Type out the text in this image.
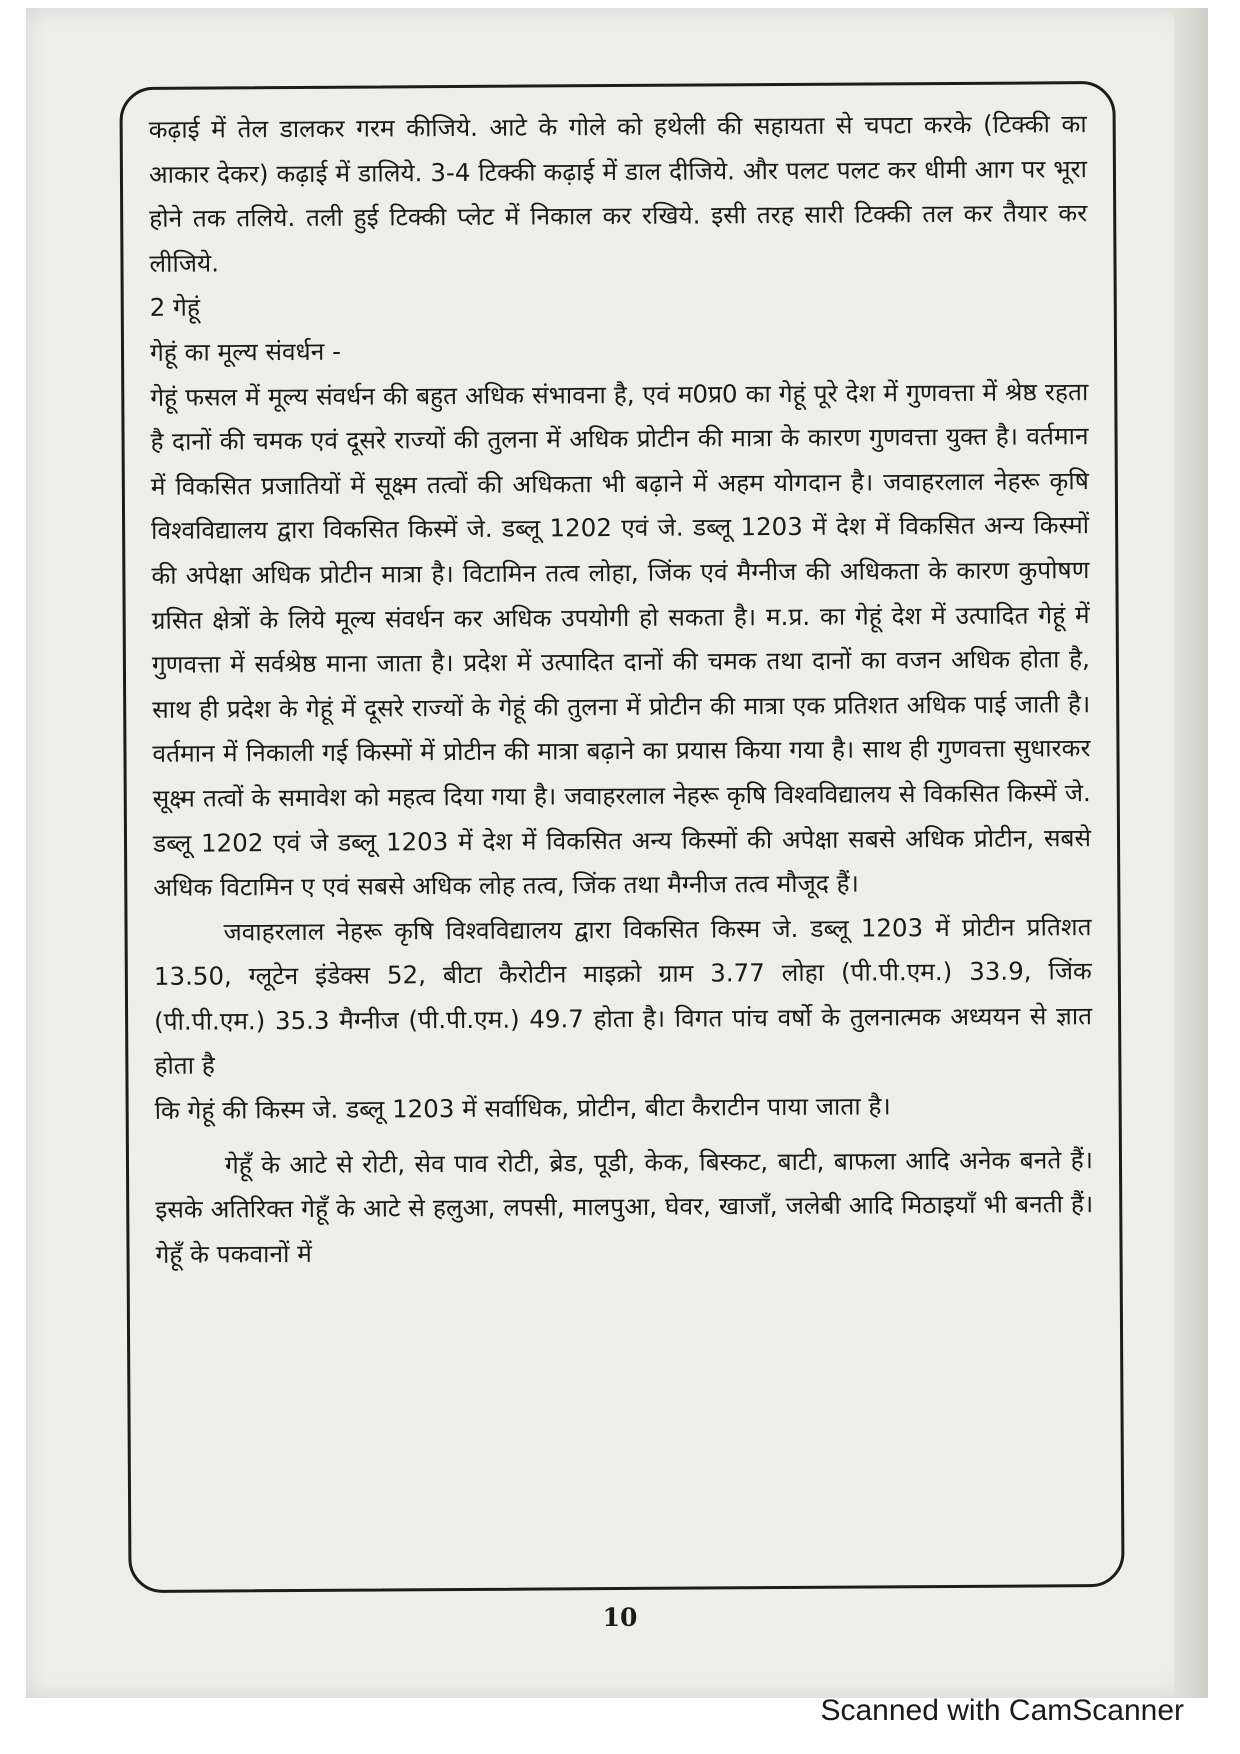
कढ़ाई में तेल डालकर गरम कीजिये. आटे के गोले को हथेली की सहायता से चपटा करके (टिक्की का आकार देकर) कढ़ाई में डालिये. 3-4 टिक्की कढ़ाई में डाल दीजिये. और पलट पलट कर धीमी आग पर भूरा होने तक तलिये. तली हुई टिक्की प्लेट में निकाल कर रखिये. इसी तरह सारी टिक्की तल कर तैयार कर लीजिये.

2 गेहूं

गेहूं का मूल्य संवर्धन -

गेहूं फसल में मूल्य संवर्धन की बहुत अधिक संभावना है, एवं म0प्र0 का गेहूं पूरे देश में गुणवत्ता में श्रेष्ठ रहता है दानों की चमक एवं दूसरे राज्यों की तुलना में अधिक प्रोटीन की मात्रा के कारण गुणवत्ता युक्त है। वर्तमान में विकसित प्रजातियों में सूक्ष्म तत्वों की अधिकता भी बढ़ाने में अहम योगदान है। जवाहरलाल नेहरू कृषि विश्वविद्यालय द्वारा विकसित किस्में जे. डब्लू 1202 एवं जे. डब्लू 1203 में देश में विकसित अन्य किस्मों की अपेक्षा अधिक प्रोटीन मात्रा है। विटामिन तत्व लोहा, जिंक एवं मैग्नीज की अधिकता के कारण कुपोषण ग्रसित क्षेत्रों के लिये मूल्य संवर्धन कर अधिक उपयोगी हो सकता है। म.प्र. का गेहूं देश में उत्पादित गेहूं में गुणवत्ता में सर्वश्रेष्ठ माना जाता है। प्रदेश में उत्पादित दानों की चमक तथा दानों का वजन अधिक होता है, साथ ही प्रदेश के गेहूं में दूसरे राज्यों के गेहूं की तुलना में प्रोटीन की मात्रा एक प्रतिशत अधिक पाई जाती है। वर्तमान में निकाली गई किस्मों में प्रोटीन की मात्रा बढ़ाने का प्रयास किया गया है। साथ ही गुणवत्ता सुधारकर सूक्ष्म तत्वों के समावेश को महत्व दिया गया है। जवाहरलाल नेहरू कृषि विश्वविद्यालय से विकसित किस्में जे. डब्लू 1202 एवं जे डब्लू 1203 में देश में विकसित अन्य किस्मों की अपेक्षा सबसे अधिक प्रोटीन, सबसे अधिक विटामिन ए एवं सबसे अधिक लोह तत्व, जिंक तथा मैग्नीज तत्व मौजूद हैं।

जवाहरलाल नेहरू कृषि विश्वविद्यालय द्वारा विकसित किस्म जे. डब्लू 1203 में प्रोटीन प्रतिशत 13.50, ग्लूटेन इंडेक्स 52, बीटा कैरोटीन माइक्रो ग्राम 3.77 लोहा (पी.पी.एम.) 33.9, जिंक (पी.पी.एम.) 35.3 मैग्नीज (पी.पी.एम.) 49.7 होता है। विगत पांच वर्षो के तुलनात्मक अध्ययन से ज्ञात होता है

कि गेहूं की किस्म जे. डब्लू 1203 में सर्वाधिक, प्रोटीन, बीटा कैराटीन पाया जाता है।

गेहूँ के आटे से रोटी, सेव पाव रोटी, ब्रेड, पूडी, केक, बिस्कट, बाटी, बाफला आदि अनेक बनते हैं। इसके अतिरिक्त गेहूँ के आटे से हलुआ, लपसी, मालपुआ, घेवर, खाजाँ, जलेबी आदि मिठाइयाँ भी बनती हैं। गेहूँ के पकवानों में

10
Scanned with CamScanner
